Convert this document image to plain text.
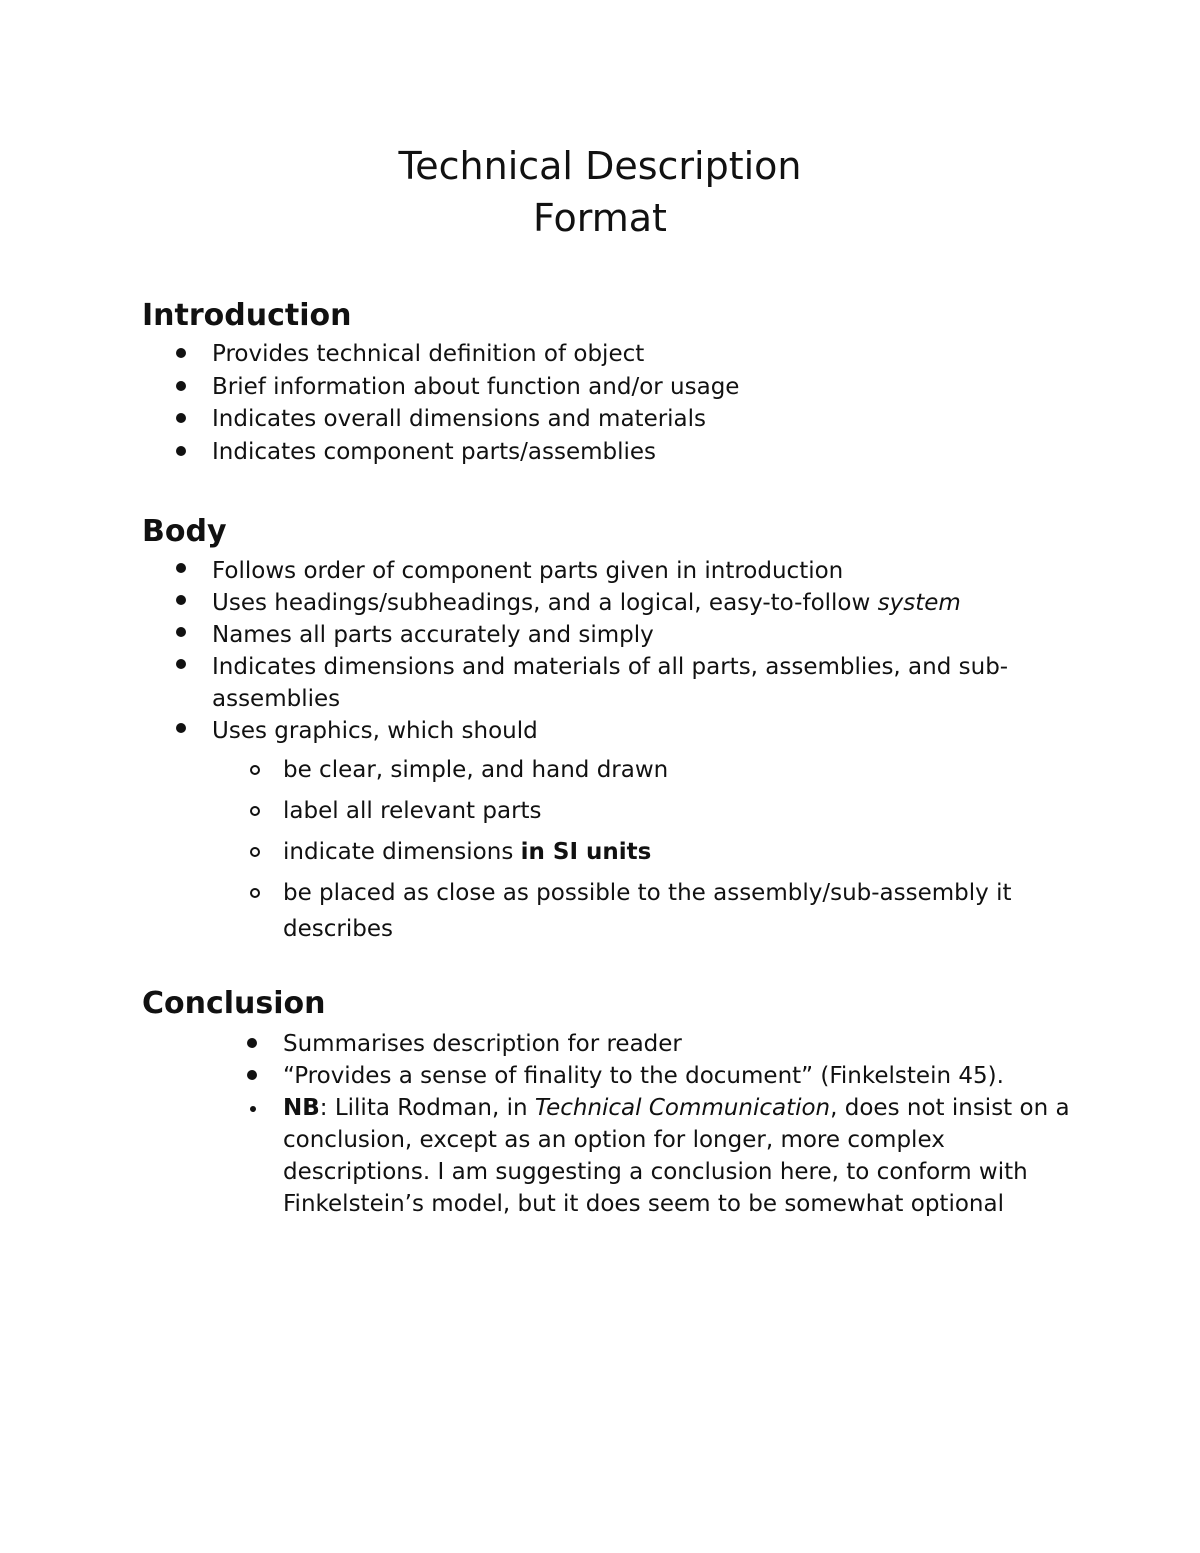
Technical Description
Format
Introduction
Provides technical definition of object
Brief information about function and/or usage
Indicates overall dimensions and materials
Indicates component parts/assemblies
Body
Follows order of component parts given in introduction
Uses headings/subheadings, and a logical, easy-to-follow system
Names all parts accurately and simply
Indicates dimensions and materials of all parts, assemblies, and sub-assemblies
Uses graphics, which should
be clear, simple, and hand drawn
label all relevant parts
indicate dimensions in SI units
be placed as close as possible to the assembly/sub-assembly it describes
Conclusion
Summarises description for reader
“Provides a sense of finality to the document” (Finkelstein 45).
NB: Lilita Rodman, in Technical Communication, does not insist on a conclusion, except as an option for longer, more complex descriptions. I am suggesting a conclusion here, to conform with Finkelstein’s model, but it does seem to be somewhat optional
